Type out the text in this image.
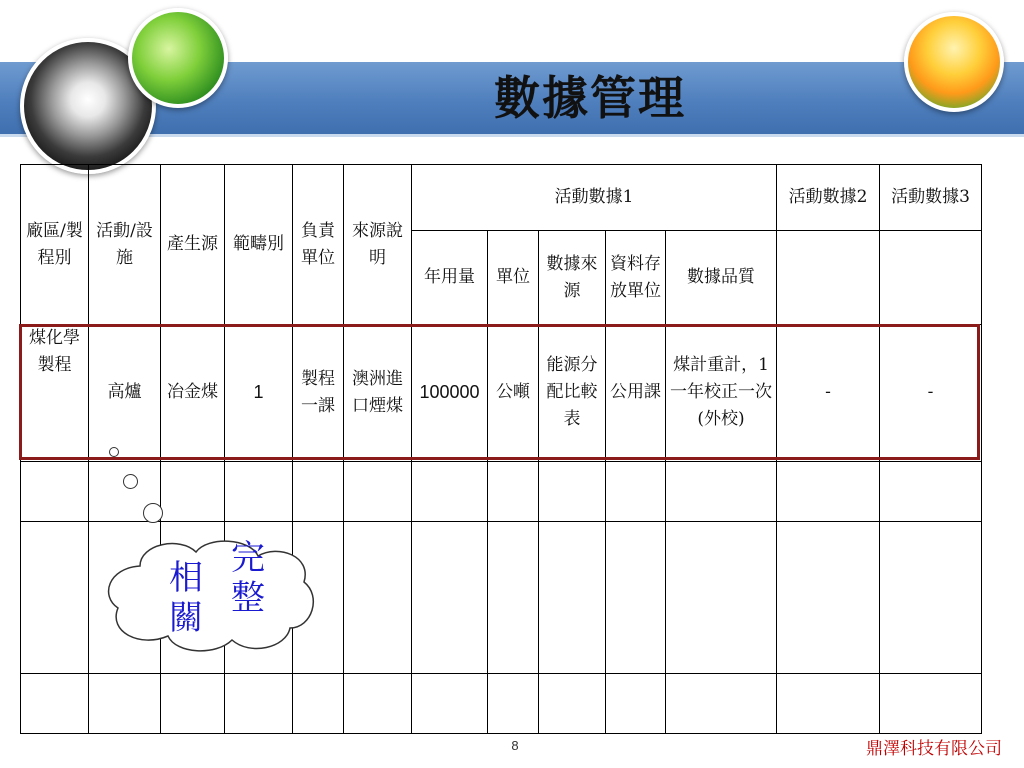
數據管理
廠區/製程別	活動/設施	產生源	範疇別	負責單位	來源說明	活動數據1					活動數據2	活動數據3
						年用量	單位	數據來源	資料存放單位	數據品質		
煤化學製程	高爐	冶金煤	1	製程一課	澳洲進口煙煤	100000	公噸	能源分配比較表	公用課	煤計重計，1一年校正一次(外校)	-	-

相關
完整
8	鼎澤科技有限公司
